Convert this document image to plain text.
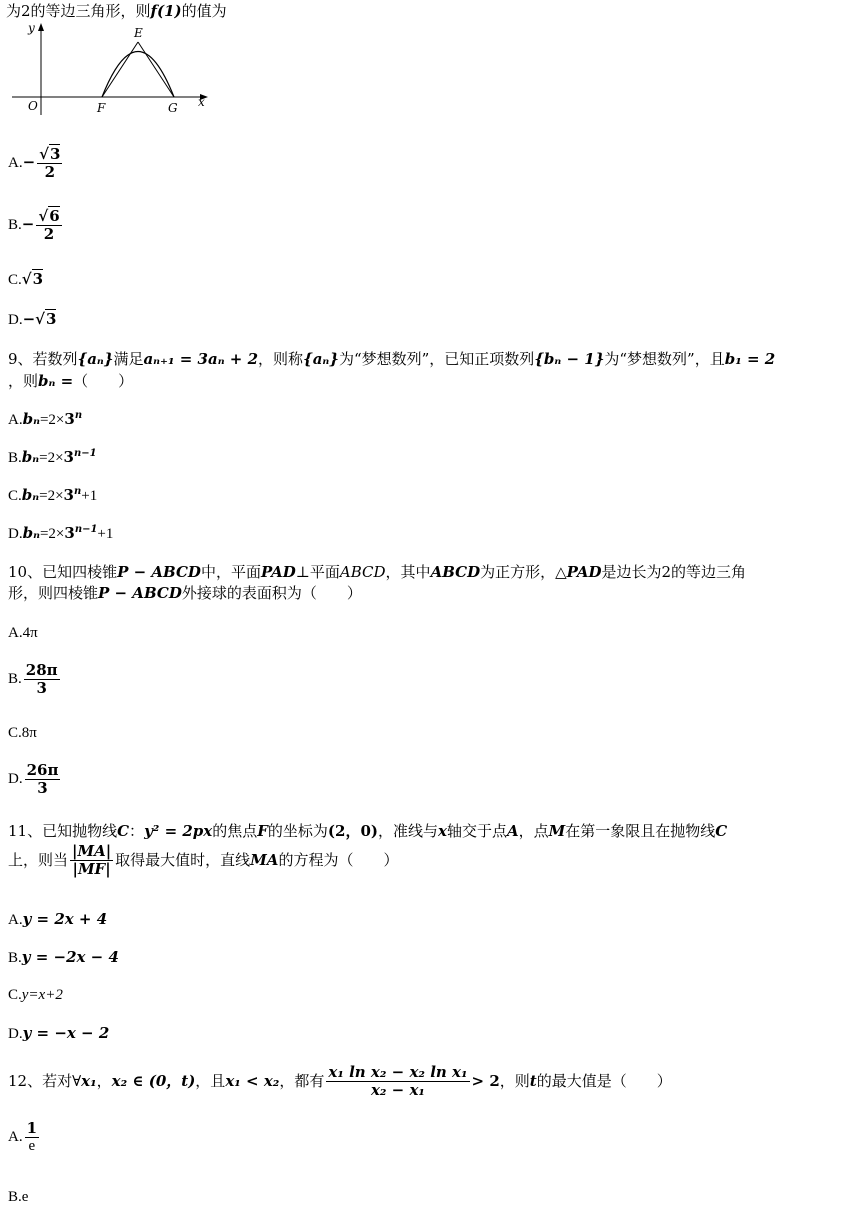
为2的等边三角形，则f(1)的值为
y
x
O
E
F	G
$A.- \frac{√3}{2}$
$B.- \frac{√6}{2}$
C.√3
D.−√3
9、若数列{aₙ}满足aₙ₊₁ = 3aₙ + 2，则称{aₙ}为“梦想数列”，已知正项数列{bₙ − 1}为“梦想数列”，且b₁ = 2
，则bₙ =（　　）
$A.b_n=2\times 3^n$
$B.b_n=2\times 3^{n-1}$
$C.b_n=2\times 3^n+1$
$D.b_n=2\times 3^{n-1}+1$
10、已知四棱锥P − ABCD中，平面PAD⊥平面ABCD，其中ABCD为正方形，△PAD是边长为2的等边三角
形，则四棱锥P − ABCD外接球的表面积为（　　）
A.4π
B. $\frac{28\pi}{3}$
C.8π
D. $\frac{26\pi}{3}$
11、已知抛物线C：y² = 2px的焦点F的坐标为(2，0)，准线与x轴交于点A，点M在第一象限且在抛物线C
上，则当 $\frac{|MA|}{|MF|}$ 取得最大值时，直线MA的方程为（　　）
A.y = 2x + 4
B.y = −2x − 4
C.y=x+2
D.y = −x − 2
12、若对∀x₁，x₂ ∈ (0，t)，且x₁ < x₂，都有 $\frac{\text{x₁ ln x₂ − x₂ ln x₁}}{\text{x₂ − x₁}} > 2$，则t的最大值是（　　）
A. $\frac{1}{e}$
B.e
